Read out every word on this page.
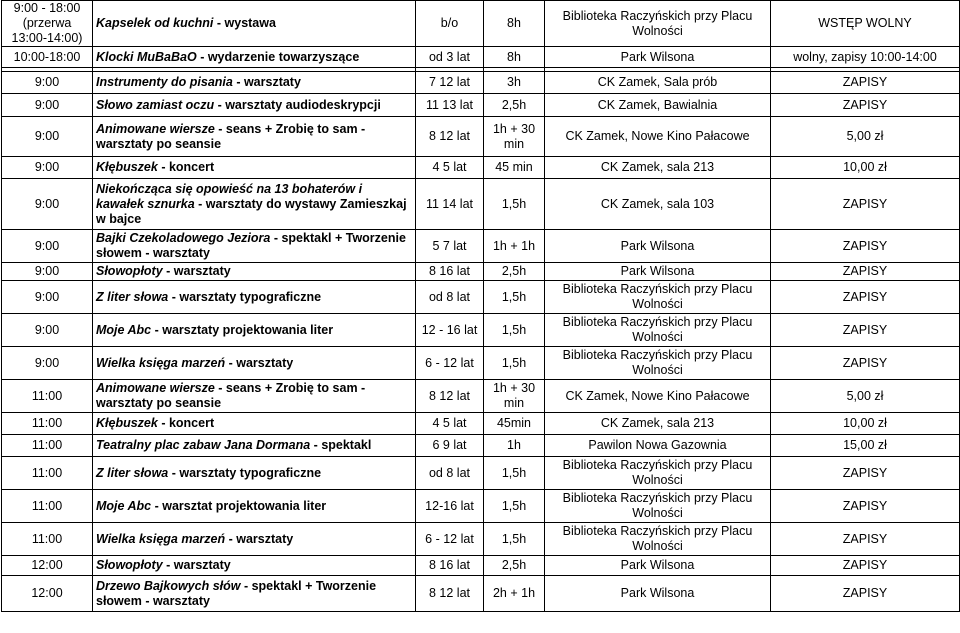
9:00 - 18:00 (przerwa 13:00-14:00)	Kapselek od kuchni - wystawa	b/o	8h	Biblioteka Raczyńskich przy Placu Wolności	WSTĘP WOLNY
10:00-18:00	Klocki MuBaBaO - wydarzenie towarzyszące	od 3 lat	8h	Park Wilsona	wolny, zapisy 10:00-14:00

9:00	Instrumenty do pisania - warsztaty	7 12 lat	3h	CK Zamek, Sala prób	ZAPISY
9:00	Słowo zamiast oczu - warsztaty audiodeskrypcji	11 13 lat	2,5h	CK Zamek, Bawialnia	ZAPISY
9:00	Animowane wiersze - seans + Zrobię to sam - warsztaty po seansie	8 12 lat	1h + 30 min	CK Zamek, Nowe Kino Pałacowe	5,00 zł
9:00	Kłębuszek - koncert	4 5 lat	45 min	CK Zamek, sala 213	10,00 zł
9:00	Niekończąca się opowieść na 13 bohaterów i kawałek sznurka - warsztaty do wystawy Zamieszkaj w bajce	11 14 lat	1,5h	CK Zamek, sala 103	ZAPISY
9:00	Bajki Czekoladowego Jeziora - spektakl + Tworzenie słowem - warsztaty	5 7 lat	1h + 1h	Park Wilsona	ZAPISY
9:00	Słowopłoty - warsztaty	8 16 lat	2,5h	Park Wilsona	ZAPISY
9:00	Z liter słowa - warsztaty typograficzne	od 8 lat	1,5h	Biblioteka Raczyńskich przy Placu Wolności	ZAPISY
9:00	Moje Abc - warsztaty projektowania liter	12 - 16 lat	1,5h	Biblioteka Raczyńskich przy Placu Wolności	ZAPISY
9:00	Wielka księga marzeń - warsztaty	6 - 12 lat	1,5h	Biblioteka Raczyńskich przy Placu Wolności	ZAPISY
11:00	Animowane wiersze - seans + Zrobię to sam - warsztaty po seansie	8 12 lat	1h + 30 min	CK Zamek, Nowe Kino Pałacowe	5,00 zł
11:00	Kłębuszek - koncert	4 5 lat	45min	CK Zamek, sala 213	10,00 zł
11:00	Teatralny plac zabaw Jana Dormana - spektakl	6 9 lat	1h	Pawilon Nowa Gazownia	15,00 zł
11:00	Z liter słowa - warsztaty typograficzne	od 8 lat	1,5h	Biblioteka Raczyńskich przy Placu Wolności	ZAPISY
11:00	Moje Abc - warsztat projektowania liter	12-16 lat	1,5h	Biblioteka Raczyńskich przy Placu Wolności	ZAPISY
11:00	Wielka księga marzeń - warsztaty	6 - 12 lat	1,5h	Biblioteka Raczyńskich przy Placu Wolności	ZAPISY
12:00	Słowopłoty - warsztaty	8 16 lat	2,5h	Park Wilsona	ZAPISY
12:00	Drzewo Bajkowych słów - spektakl + Tworzenie słowem - warsztaty	8 12 lat	2h + 1h	Park Wilsona	ZAPISY
